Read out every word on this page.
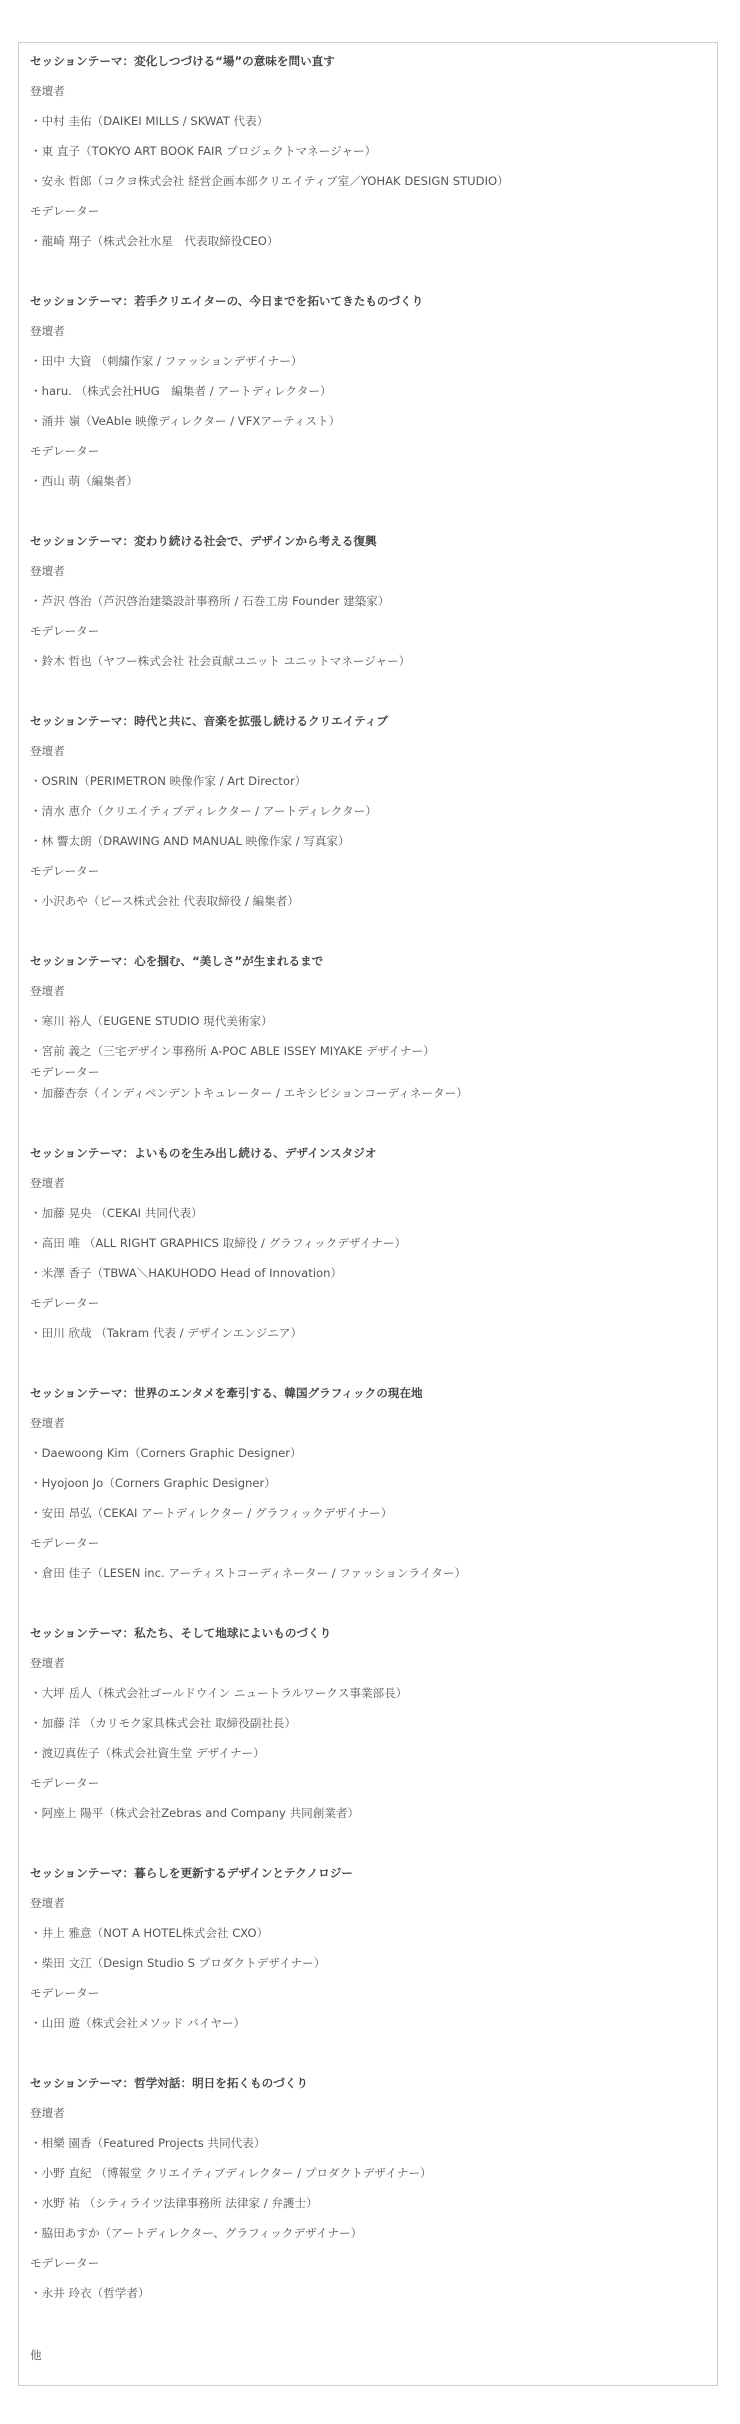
セッションテーマ：変化しつづける“場”の意味を問い直す
登壇者
・中村 圭佑（DAIKEI MILLS / SKWAT 代表）
・東 直子（TOKYO ART BOOK FAIR プロジェクトマネージャー）
・安永 哲郎（コクヨ株式会社 経営企画本部クリエイティブ室／YOHAK DESIGN STUDIO）
モデレーター
・龍崎 翔子（株式会社水星　代表取締役CEO）
セッションテーマ：若手クリエイターの、今日までを拓いてきたものづくり
登壇者
・田中 大資 （刺繍作家 / ファッションデザイナー）
・haru. （株式会社HUG　編集者 / アートディレクター）
・涌井 嶺（VeAble 映像ディレクター / VFXアーティスト）
モデレーター
・西山 萌（編集者）
セッションテーマ：変わり続ける社会で、デザインから考える復興
登壇者
・芦沢 啓治（芦沢啓治建築設計事務所 / 石巻工房 Founder 建築家）
モデレーター
・鈴木 哲也（ヤフー株式会社 社会貢献ユニット ユニットマネージャー）
セッションテーマ：時代と共に、音楽を拡張し続けるクリエイティブ
登壇者
・OSRIN（PERIMETRON 映像作家 / Art Director）
・清水 恵介（クリエイティブディレクター / アートディレクター）
・林 響太朗（DRAWING AND MANUAL 映像作家 / 写真家）
モデレーター
・小沢あや（ピース株式会社 代表取締役 / 編集者）
セッションテーマ：心を掴む、“美しさ”が生まれるまで
登壇者
・寒川 裕人（EUGENE STUDIO 現代美術家）
・宮前 義之（三宅デザイン事務所 A-POC ABLE ISSEY MIYAKE デザイナー）
モデレーター
・加藤杏奈（インディペンデントキュレーター / エキシビションコーディネーター）
セッションテーマ：よいものを生み出し続ける、デザインスタジオ
登壇者
・加藤 晃央 （CEKAI 共同代表）
・高田 唯 （ALL RIGHT GRAPHICS 取締役 / グラフィックデザイナー）
・米澤 香子（TBWA＼HAKUHODO Head of Innovation）
モデレーター
・田川 欣哉 （Takram 代表 / デザインエンジニア）
セッションテーマ：世界のエンタメを牽引する、韓国グラフィックの現在地
登壇者
・Daewoong Kim（Corners Graphic Designer）
・Hyojoon Jo（Corners Graphic Designer）
・安田 昂弘（CEKAI アートディレクター / グラフィックデザイナー）
モデレーター
・倉田 佳子（LESEN inc. アーティストコーディネーター / ファッションライター）
セッションテーマ：私たち、そして地球によいものづくり
登壇者
・大坪 岳人（株式会社ゴールドウイン ニュートラルワークス事業部長）
・加藤 洋 （カリモク家具株式会社 取締役副社長）
・渡辺真佐子（株式会社資生堂 デザイナー）
モデレーター
・阿座上 陽平（株式会社Zebras and Company 共同創業者）
セッションテーマ：暮らしを更新するデザインとテクノロジー
登壇者
・井上 雅意（NOT A HOTEL株式会社 CXO）
・柴田 文江（Design Studio S プロダクトデザイナー）
モデレーター
・山田 遊（株式会社メソッド バイヤー）
セッションテーマ：哲学対話：明日を拓くものづくり
登壇者
・相樂 園香（Featured Projects 共同代表）
・小野 直紀 （博報堂 クリエイティブディレクター / プロダクトデザイナー）
・水野 祐 （シティライツ法律事務所 法律家 / 弁護士）
・脇田あすか（アートディレクター、グラフィックデザイナー）
モデレーター
・永井 玲衣（哲学者）
他
